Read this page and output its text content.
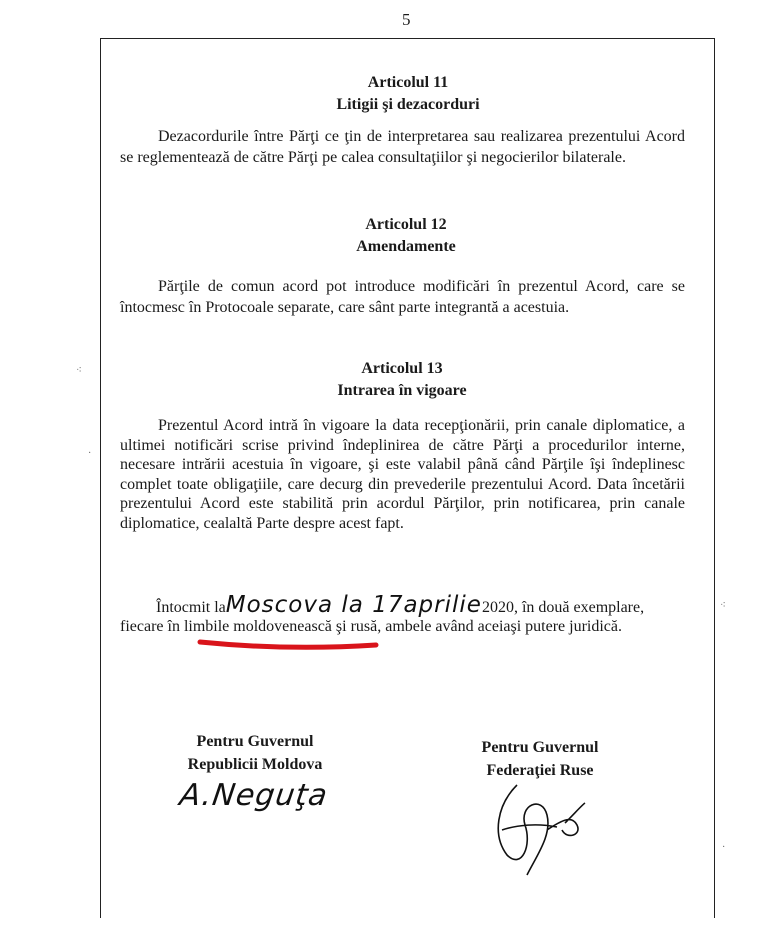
5
Articolul 11
Litigii şi dezacorduri
Dezacordurile între Părţi ce ţin de interpretarea sau realizarea prezentului Acord se reglementează de către Părţi pe calea consultaţiilor şi negocierilor bilaterale.
Articolul 12
Amendamente
Părţile de comun acord pot introduce modificări în prezentul Acord, care se întocmesc în Protocoale separate, care sânt parte integrantă a acestuia.
Articolul 13
Intrarea în vigoare
Prezentul Acord intră în vigoare la data recepţionării, prin canale diplomatice, a ultimei notificări scrise privind îndeplinirea de către Părţi a procedurilor interne, necesare intrării acestuia în vigoare, şi este valabil până când Părţile îşi îndeplinesc complet toate obligaţiile, care decurg din prevederile prezentului Acord. Data încetării prezentului Acord este stabilită prin acordul Părţilor, prin notificarea, prin canale diplomatice, cealaltă Parte despre acest fapt.
Întocmit laMoscova la 17aprilie2020, în două exemplare,
fiecare în limbile moldovenească şi rusă, ambele având aceiaşi putere juridică.
Pentru Guvernul
Republicii Moldova
A.Neguţa
Pentru Guvernul
Federaţiei Ruse
⁖
·
⁖
·
